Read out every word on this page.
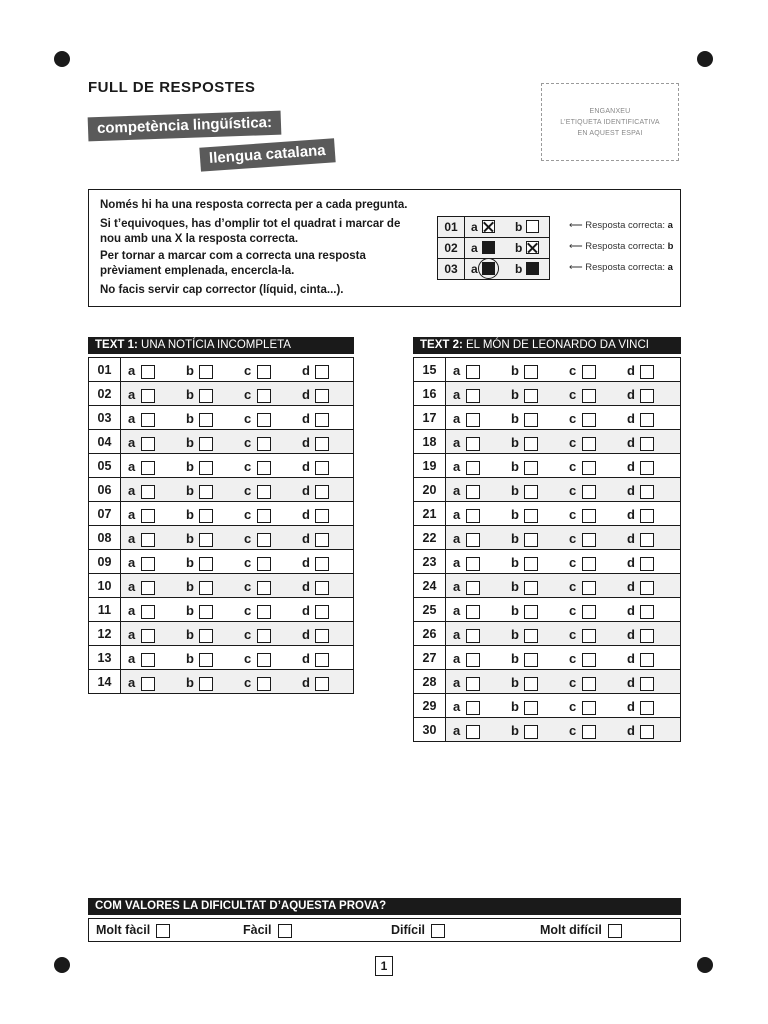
FULL DE RESPOSTES
competència lingüística:
llengua catalana
ENGANXEU
L’ETIQUETA IDENTIFICATIVA
EN AQUEST ESPAI
Només hi ha una resposta correcta per a cada pregunta.
Si t’equivoques, has d’omplir tot el quadrat i marcar de
nou amb una X la resposta correcta.
Per tornar a marcar com a correcta una resposta
prèviament emplenada, encercla-la.
No facis servir cap corrector (líquid, cinta...).
01	a b

02	a b

03	a b
⟵ Resposta correcta: a
⟵ Resposta correcta: b
⟵ Resposta correcta: a
TEXT 1: UNA NOTÍCIA INCOMPLETA
01	a b c d

02	a b c d

03	a b c d

04	a b c d

05	a b c d

06	a b c d

07	a b c d

08	a b c d

09	a b c d

10	a b c d

11	a b c d

12	a b c d

13	a b c d

14	a b c d
TEXT 2: EL MÓN DE LEONARDO DA VINCI
15	a b c d

16	a b c d

17	a b c d

18	a b c d

19	a b c d

20	a b c d

21	a b c d

22	a b c d

23	a b c d

24	a b c d

25	a b c d

26	a b c d

27	a b c d

28	a b c d

29	a b c d

30	a b c d
COM VALORES LA DIFICULTAT D’AQUESTA PROVA?
Molt fàcil	Fàcil	Difícil	Molt difícil
1
